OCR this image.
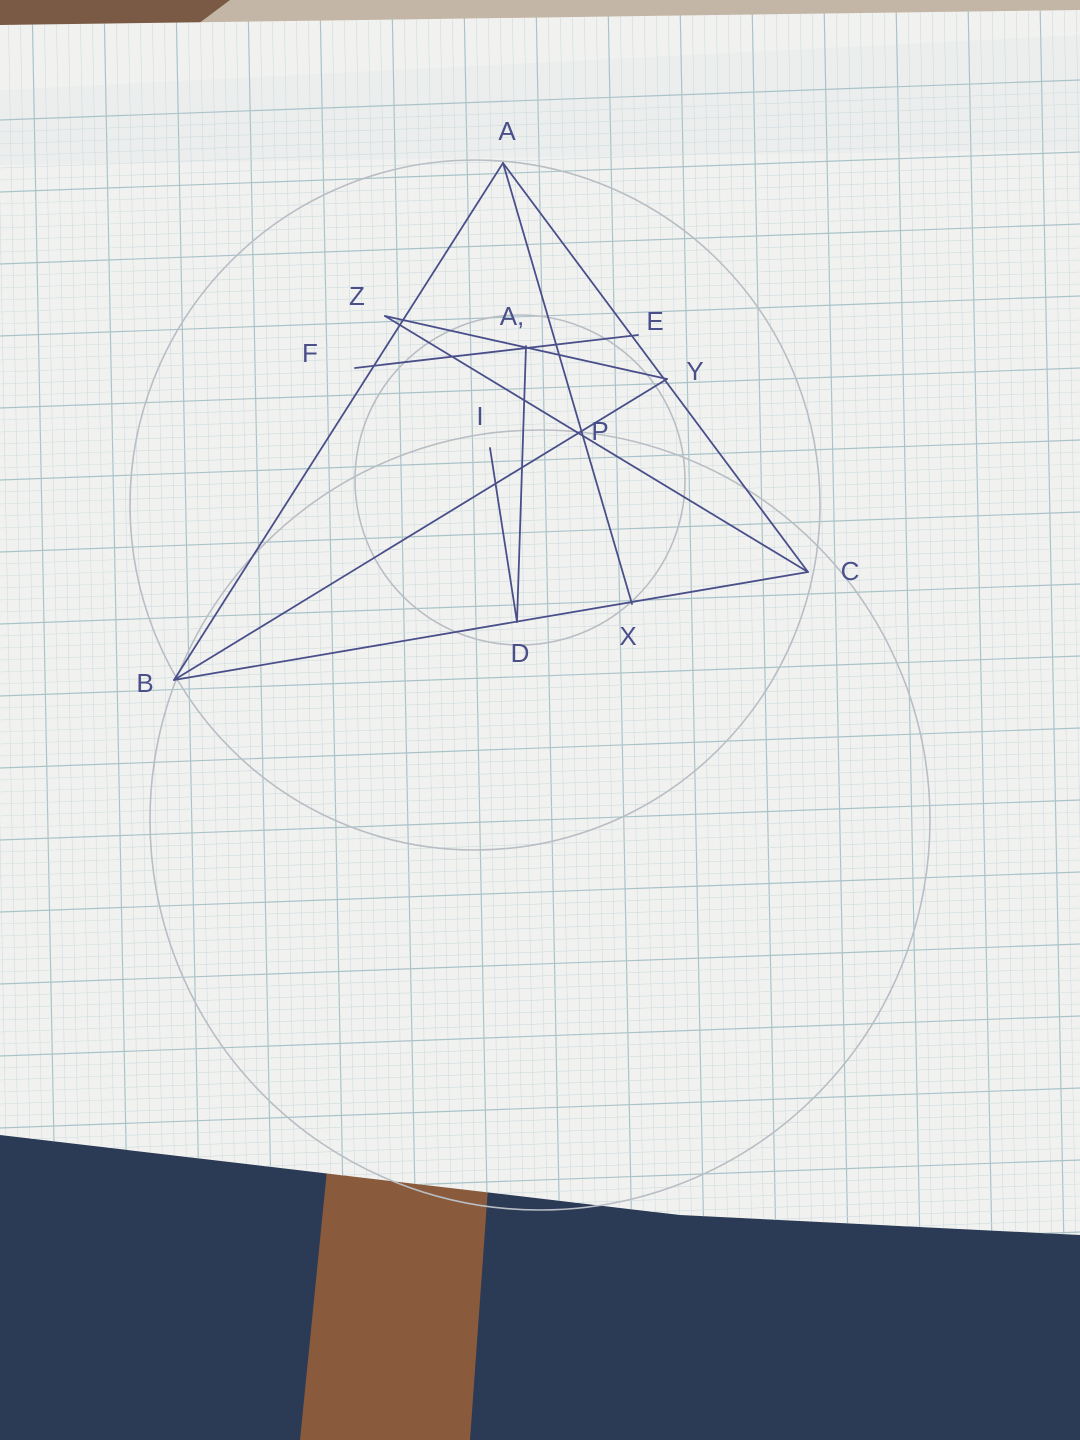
A
B
C
D
E
F
X
Y
Z
P
I
A,
